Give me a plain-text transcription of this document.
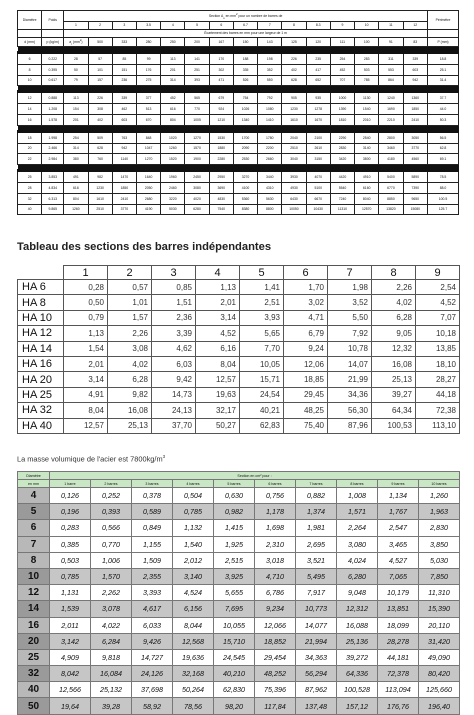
Diamètre	Poids	Section $A_s$ en $mm^2$ pour un nombre de barres de															Périmètre
		1	2	3	3.5	4	5	6	6.7	7	8	8.3	9	10	11	12	
		Écartement des barres en mm pour une largeur de 1 m															
d (mm)	p (kg/m)	$a_r$ $(mm^2)$	500	333	280	250	200	167	150	143	125	120	111	100	91	83	P (mm)

6	0.222	28	57	85	99	113	141	170	188	198	226	235	254	283	311	339	18.8
8	0.395	50	101	151	176	201	251	302	335	352	402	417	452	503	553	603	25.1
10	0.617	79	157	236	275	314	393	471	526	550	628	652	707	785	864	942	31.4

12	0.888	113	226	339	377	452	565	679	754	792	905	935	1000	1130	1240	1360	37.7
14	1.208	154	308	462	513	616	770	924	1026	1080	1230	1278	1390	1540	1690	1850	44.0
16	1.578	201	402	603	670	804	1005	1210	1340	1410	1610	1670	1810	2010	2210	2410	50.3

18	1.998	254	509	763	848	1020	1270	1530	1700	1780	2040	2100	2290	2540	2800	3050	56.5
20	2.466	314	628	942	1047	1260	1570	1880	2090	2200	2510	2610	2830	3140	3460	3770	62.8
22	2.984	380	760	1140	1270	1520	1900	2280	2530	2660	3040	3150	3420	3800	4180	4560	69.1

25	3.853	491	982	1470	1640	1960	2450	2950	3270	3440	3930	4070	4420	4910	5400	5890	78.5
28	4.834	616	1230	1850	2050	2460	3080	3690	4100	4310	4930	5100	5540	6160	6770	7390	88.0
32	6.313	804	1610	2410	2680	3220	4020	4830	5360	5630	6430	6670	7240	8040	8850	9650	100.5
40	9.865	1260	2510	3770	4190	5030	6280	7540	8380	8800	10050	10430	11310	12570	13820	15080	125.7
Tableau des sections des barres indépendantes
	1	2	3	4	5	6	7	8	9
HA 6	0,28	0,57	0,85	1,13	1,41	1,70	1,98	2,26	2,54
HA 8	0,50	1,01	1,51	2,01	2,51	3,02	3,52	4,02	4,52
HA 10	0,79	1,57	2,36	3,14	3,93	4,71	5,50	6,28	7,07
HA 12	1,13	2,26	3,39	4,52	5,65	6,79	7,92	9,05	10,18
HA 14	1,54	3,08	4,62	6,16	7,70	9,24	10,78	12,32	13,85
HA 16	2,01	4,02	6,03	8,04	10,05	12,06	14,07	16,08	18,10
HA 20	3,14	6,28	9,42	12,57	15,71	18,85	21,99	25,13	28,27
HA 25	4,91	9,82	14,73	19,63	24,54	29,45	34,36	39,27	44,18
HA 32	8,04	16,08	24,13	32,17	40,21	48,25	56,30	64,34	72,38
HA 40	12,57	25,13	37,70	50,27	62,83	75,40	87,96	100,53	113,10
La masse volumique de l'acier est $7800kg/m^3$
Diamètre	Section en cm² pour :									
en mm	1 barre	2 barres	3 barres	4 barres	5 barres	6 barres	7 barres	8 barres	9 barres	10 barres
4	0,126	0,252	0,378	0,504	0,630	0,756	0,882	1,008	1,134	1,260
5	0,196	0,393	0,589	0,785	0,982	1,178	1,374	1,571	1,767	1,963
6	0,283	0,566	0,849	1,132	1,415	1,698	1,981	2,264	2,547	2,830
7	0,385	0,770	1,155	1,540	1,925	2,310	2,695	3,080	3,465	3,850
8	0,503	1,006	1,509	2,012	2,515	3,018	3,521	4,024	4,527	5,030
10	0,785	1,570	2,355	3,140	3,925	4,710	5,495	6,280	7,065	7,850
12	1,131	2,262	3,393	4,524	5,655	6,786	7,917	9,048	10,179	11,310
14	1,539	3,078	4,617	6,156	7,695	9,234	10,773	12,312	13,851	15,390
16	2,011	4,022	6,033	8,044	10,055	12,066	14,077	16,088	18,099	20,110
20	3,142	6,284	9,426	12,568	15,710	18,852	21,994	25,136	28,278	31,420
25	4,909	9,818	14,727	19,636	24,545	29,454	34,363	39,272	44,181	49,090
32	8,042	16,084	24,126	32,168	40,210	48,252	56,294	64,336	72,378	80,420
40	12,566	25,132	37,698	50,264	62,830	75,396	87,962	100,528	113,094	125,660
50	19,64	39,28	58,92	78,56	98,20	117,84	137,48	157,12	176,76	196,40
